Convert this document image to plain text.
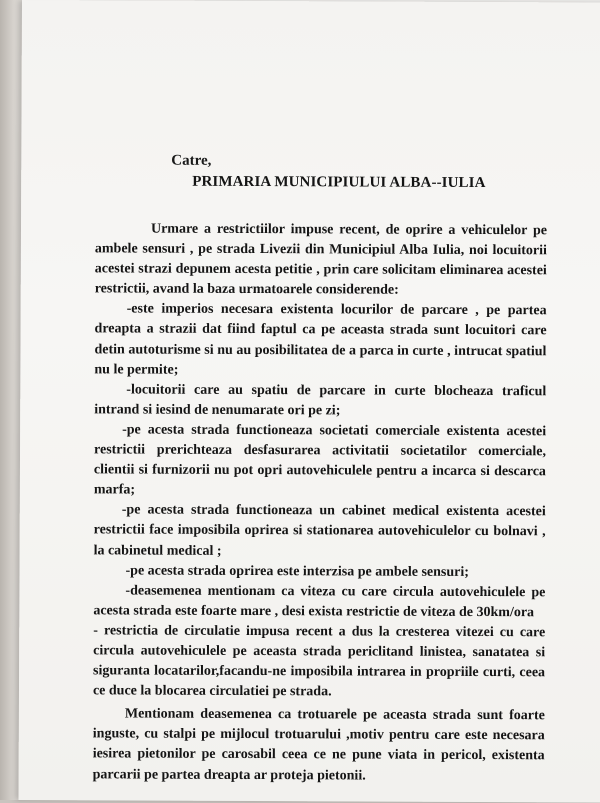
Catre,

PRIMARIA MUNICIPIULUI ALBA--IULIA

Urmare a restrictiilor impuse recent, de oprire a vehiculelor pe ambele sensuri , pe strada Livezii din Municipiul Alba Iulia, noi locuitorii acestei strazi depunem acesta petitie , prin care solicitam eliminarea acestei restrictii, avand la baza urmatoarele considerende:

-este imperios necesara existenta locurilor de parcare , pe partea dreapta a strazii dat fiind faptul ca pe aceasta strada sunt locuitori care detin autoturisme si nu au posibilitatea de a parca in curte , intrucat spatiul nu le permite;

-locuitorii care au spatiu de parcare in curte blocheaza traficul intrand si iesind de nenumarate ori pe zi;

-pe acesta strada functioneaza societati comerciale existenta acestei restrictii prerichteaza desfasurarea activitatii societatilor comerciale, clientii si furnizorii nu pot opri autovehiculele pentru a incarca si descarca marfa;

-pe acesta strada functioneaza un cabinet medical existenta acestei restrictii face imposibila oprirea si stationarea autovehiculelor cu bolnavi , la cabinetul medical ;

-pe acesta strada oprirea este interzisa pe ambele sensuri;

-deasemenea mentionam ca viteza cu care circula autovehiculele pe acesta strada este foarte mare , desi exista restrictie de viteza de 30km/ora

- restrictia de circulatie impusa recent a dus la cresterea vitezei cu care circula autovehiculele pe aceasta strada periclitand linistea, sanatatea si siguranta locatarilor,facandu-ne imposibila intrarea in propriile curti, ceea ce duce la blocarea circulatiei pe strada.

Mentionam deasemenea ca trotuarele pe aceasta strada sunt foarte inguste, cu stalpi pe mijlocul trotuarului ,motiv pentru care este necesara iesirea pietonilor pe carosabil ceea ce ne pune viata in pericol, existenta parcarii pe partea dreapta ar proteja pietonii.
